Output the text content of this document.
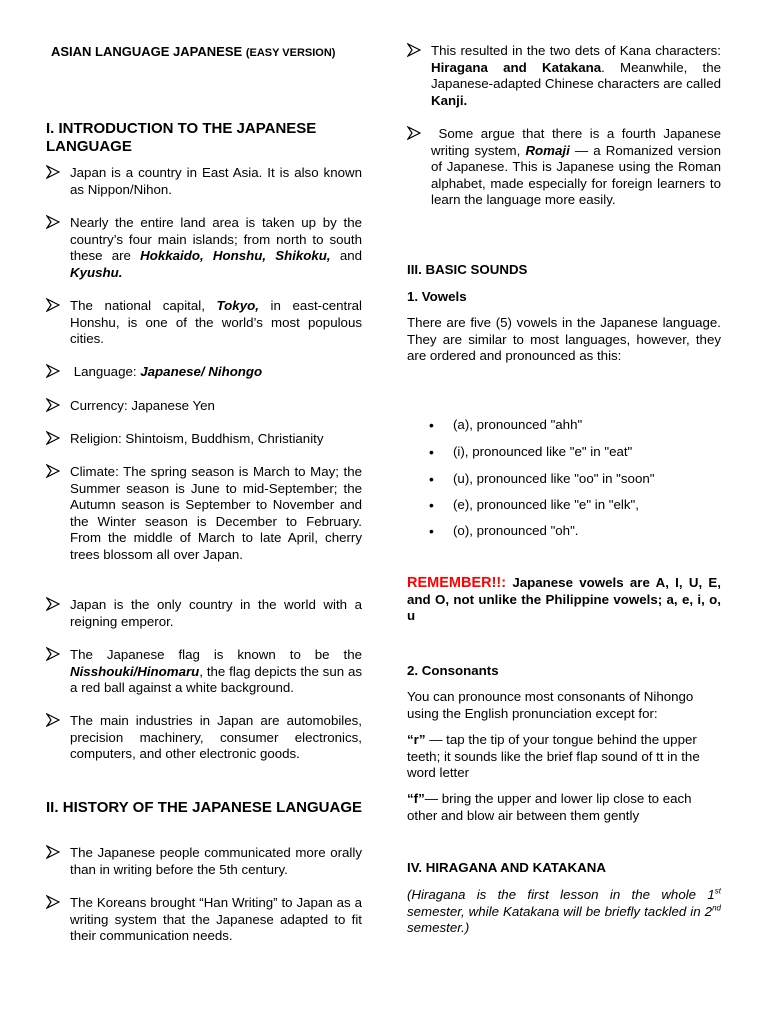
ASIAN LANGUAGE JAPANESE (EASY VERSION)
I. INTRODUCTION TO THE JAPANESE LANGUAGE
Japan is a country in East Asia. It is also known as Nippon/Nihon.
Nearly the entire land area is taken up by the country’s four main islands; from north to south these are Hokkaido, Honshu, Shikoku, and Kyushu.
The national capital, Tokyo, in east-central Honshu, is one of the world’s most populous cities.
Language: Japanese/ Nihongo
Currency: Japanese Yen
Religion: Shintoism, Buddhism, Christianity
Climate: The spring season is March to May; the Summer season is June to mid-September; the Autumn season is September to November and the Winter season is December to February. From the middle of March to late April, cherry trees blossom all over Japan.
Japan is the only country in the world with a reigning emperor.
The Japanese flag is known to be the Nisshouki/Hinomaru, the flag depicts the sun as a red ball against a white background.
The main industries in Japan are automobiles, precision machinery, consumer electronics, computers, and other electronic goods.
II. HISTORY OF THE JAPANESE LANGUAGE
The Japanese people communicated more orally than in writing before the 5th century.
The Koreans brought “Han Writing” to Japan as a writing system that the Japanese adapted to fit their communication needs.
This resulted in the two dets of Kana characters: Hiragana and Katakana. Meanwhile, the Japanese-adapted Chinese characters are called Kanji.
Some argue that there is a fourth Japanese writing system, Romaji — a Romanized version of Japanese. This is Japanese using the Roman alphabet, made especially for foreign learners to learn the language more easily.
III. BASIC SOUNDS
1. Vowels
There are five (5) vowels in the Japanese language. They are similar to most languages, however, they are ordered and pronounced as this:
• (a), pronounced "ahh"
• (i), pronounced like "e" in "eat"
• (u), pronounced like "oo" in "soon"
• (e), pronounced like "e" in "elk",
• (o), pronounced "oh".
REMEMBER!!: Japanese vowels are A, I, U, E, and O, not unlike the Philippine vowels; a, e, i, o, u
2. Consonants
You can pronounce most consonants of Nihongo using the English pronunciation except for:
“r” — tap the tip of your tongue behind the upper teeth; it sounds like the brief flap sound of tt in the word letter
“f”— bring the upper and lower lip close to each other and blow air between them gently
IV. HIRAGANA AND KATAKANA
(Hiragana is the first lesson in the whole 1st semester, while Katakana will be briefly tackled in 2nd semester.)
